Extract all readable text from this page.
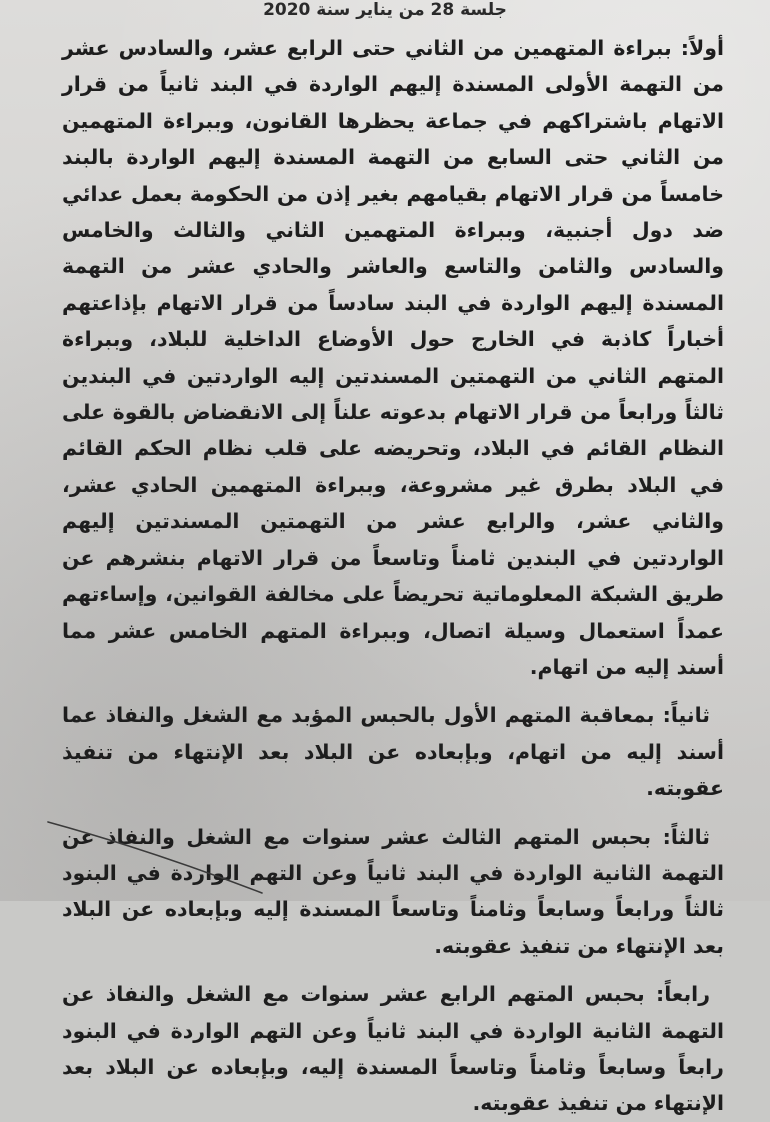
جلسة 28 من يناير سنة 2020

أولاً: ببراءة المتهمين من الثاني حتى الرابع عشر، والسادس عشر من التهمة الأولى المسندة إليهم الواردة في البند ثانياً من قرار الاتهام باشتراكهم في جماعة يحظرها القانون، وببراءة المتهمين من الثاني حتى السابع من التهمة المسندة إليهم الواردة بالبند خامساً من قرار الاتهام بقيامهم بغير إذن من الحكومة بعمل عدائي ضد دول أجنبية، وببراءة المتهمين الثاني والثالث والخامس والسادس والثامن والتاسع والعاشر والحادي عشر من التهمة المسندة إليهم الواردة في البند سادساً من قرار الاتهام بإذاعتهم أخباراً كاذبة في الخارج حول الأوضاع الداخلية للبلاد، وببراءة المتهم الثاني من التهمتين المسندتين إليه الواردتين في البندين ثالثاً ورابعاً من قرار الاتهام بدعوته علناً إلى الانقضاض بالقوة على النظام القائم في البلاد، وتحريضه على قلب نظام الحكم القائم في البلاد بطرق غير مشروعة، وببراءة المتهمين الحادي عشر، والثاني عشر، والرابع عشر من التهمتين المسندتين إليهم الواردتين في البندين ثامناً وتاسعاً من قرار الاتهام بنشرهم عن طريق الشبكة المعلوماتية تحريضاً على مخالفة القوانين، وإساءتهم عمداً استعمال وسيلة اتصال، وببراءة المتهم الخامس عشر مما أسند إليه من اتهام.

ثانياً: بمعاقبة المتهم الأول بالحبس المؤبد مع الشغل والنفاذ عما أسند إليه من اتهام، وبإبعاده عن البلاد بعد الإنتهاء من تنفيذ عقوبته.

ثالثاً: بحبس المتهم الثالث عشر سنوات مع الشغل والنفاذ عن التهمة الثانية الواردة في البند ثانياً وعن التهم الواردة في البنود ثالثاً ورابعاً وسابعاً وثامناً وتاسعاً المسندة إليه وبإبعاده عن البلاد بعد الإنتهاء من تنفيذ عقوبته.

رابعاً: بحبس المتهم الرابع عشر سنوات مع الشغل والنفاذ عن التهمة الثانية الواردة في البند ثانياً وعن التهم الواردة في البنود رابعاً وسابعاً وثامناً وتاسعاً المسندة إليه، وبإبعاده عن البلاد بعد الإنتهاء من تنفيذ عقوبته.
